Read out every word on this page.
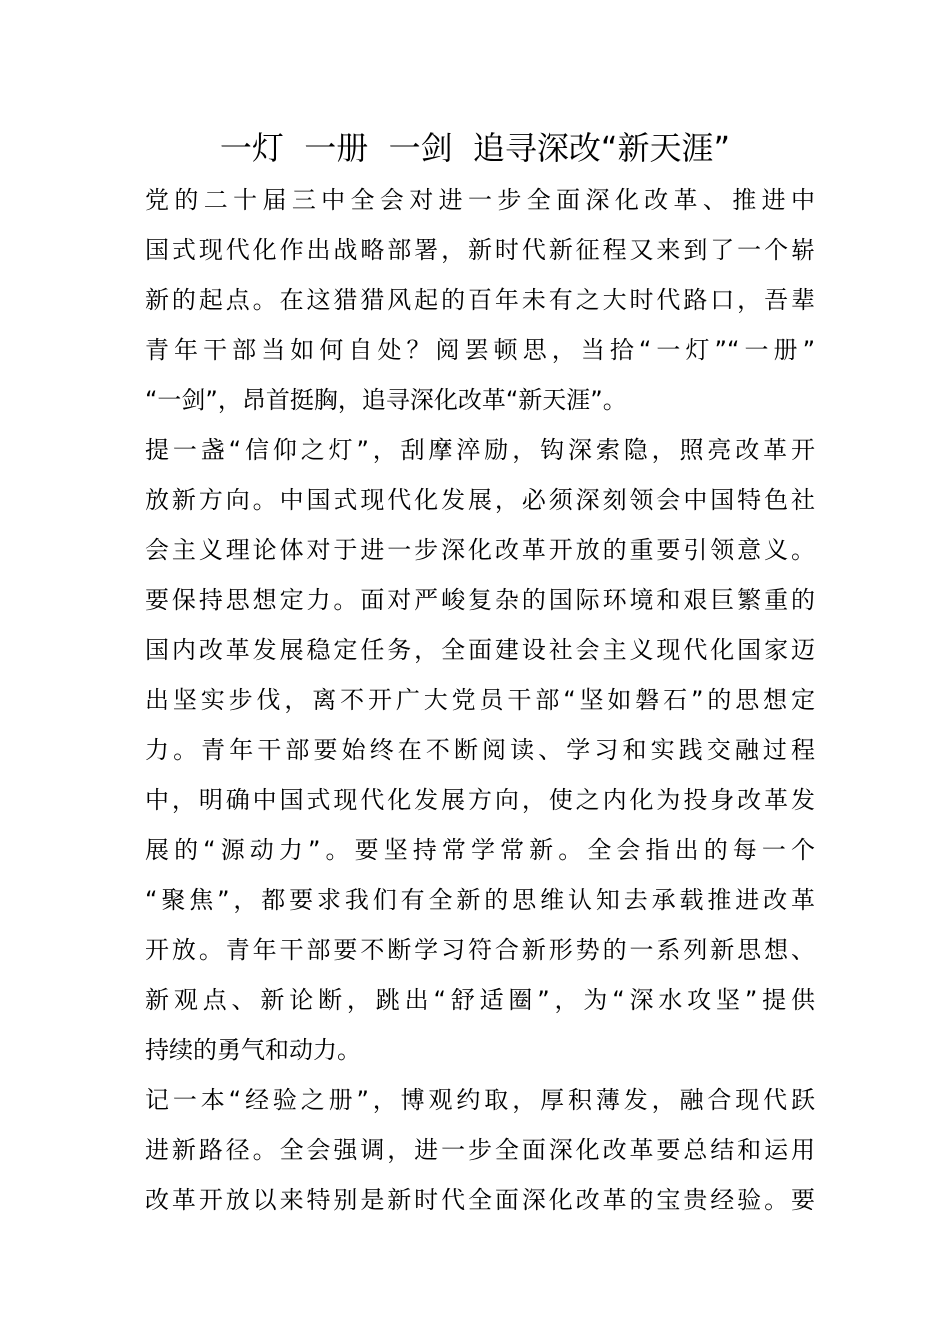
一灯  一册  一剑  追寻深改“新天涯”
党的二十届三中全会对进一步全面深化改革、推进中
国式现代化作出战略部署，新时代新征程又来到了一个崭
新的起点。在这猎猎风起的百年未有之大时代路口，吾辈
青年干部当如何自处？阅罢顿思，当拾“一灯”“一册”
“一剑”，昂首挺胸，追寻深化改革“新天涯”。
提一盏“信仰之灯”，刮摩淬励，钩深索隐，照亮改革开
放新方向。中国式现代化发展，必须深刻领会中国特色社
会主义理论体对于进一步深化改革开放的重要引领意义。
要保持思想定力。面对严峻复杂的国际环境和艰巨繁重的
国内改革发展稳定任务，全面建设社会主义现代化国家迈
出坚实步伐，离不开广大党员干部“坚如磐石”的思想定
力。青年干部要始终在不断阅读、学习和实践交融过程
中，明确中国式现代化发展方向，使之内化为投身改革发
展的“源动力”。要坚持常学常新。全会指出的每一个
“聚焦”，都要求我们有全新的思维认知去承载推进改革
开放。青年干部要不断学习符合新形势的一系列新思想、
新观点、新论断，跳出“舒适圈”，为“深水攻坚”提供
持续的勇气和动力。
记一本“经验之册”，博观约取，厚积薄发，融合现代跃
进新路径。全会强调，进一步全面深化改革要总结和运用
改革开放以来特别是新时代全面深化改革的宝贵经验。要
